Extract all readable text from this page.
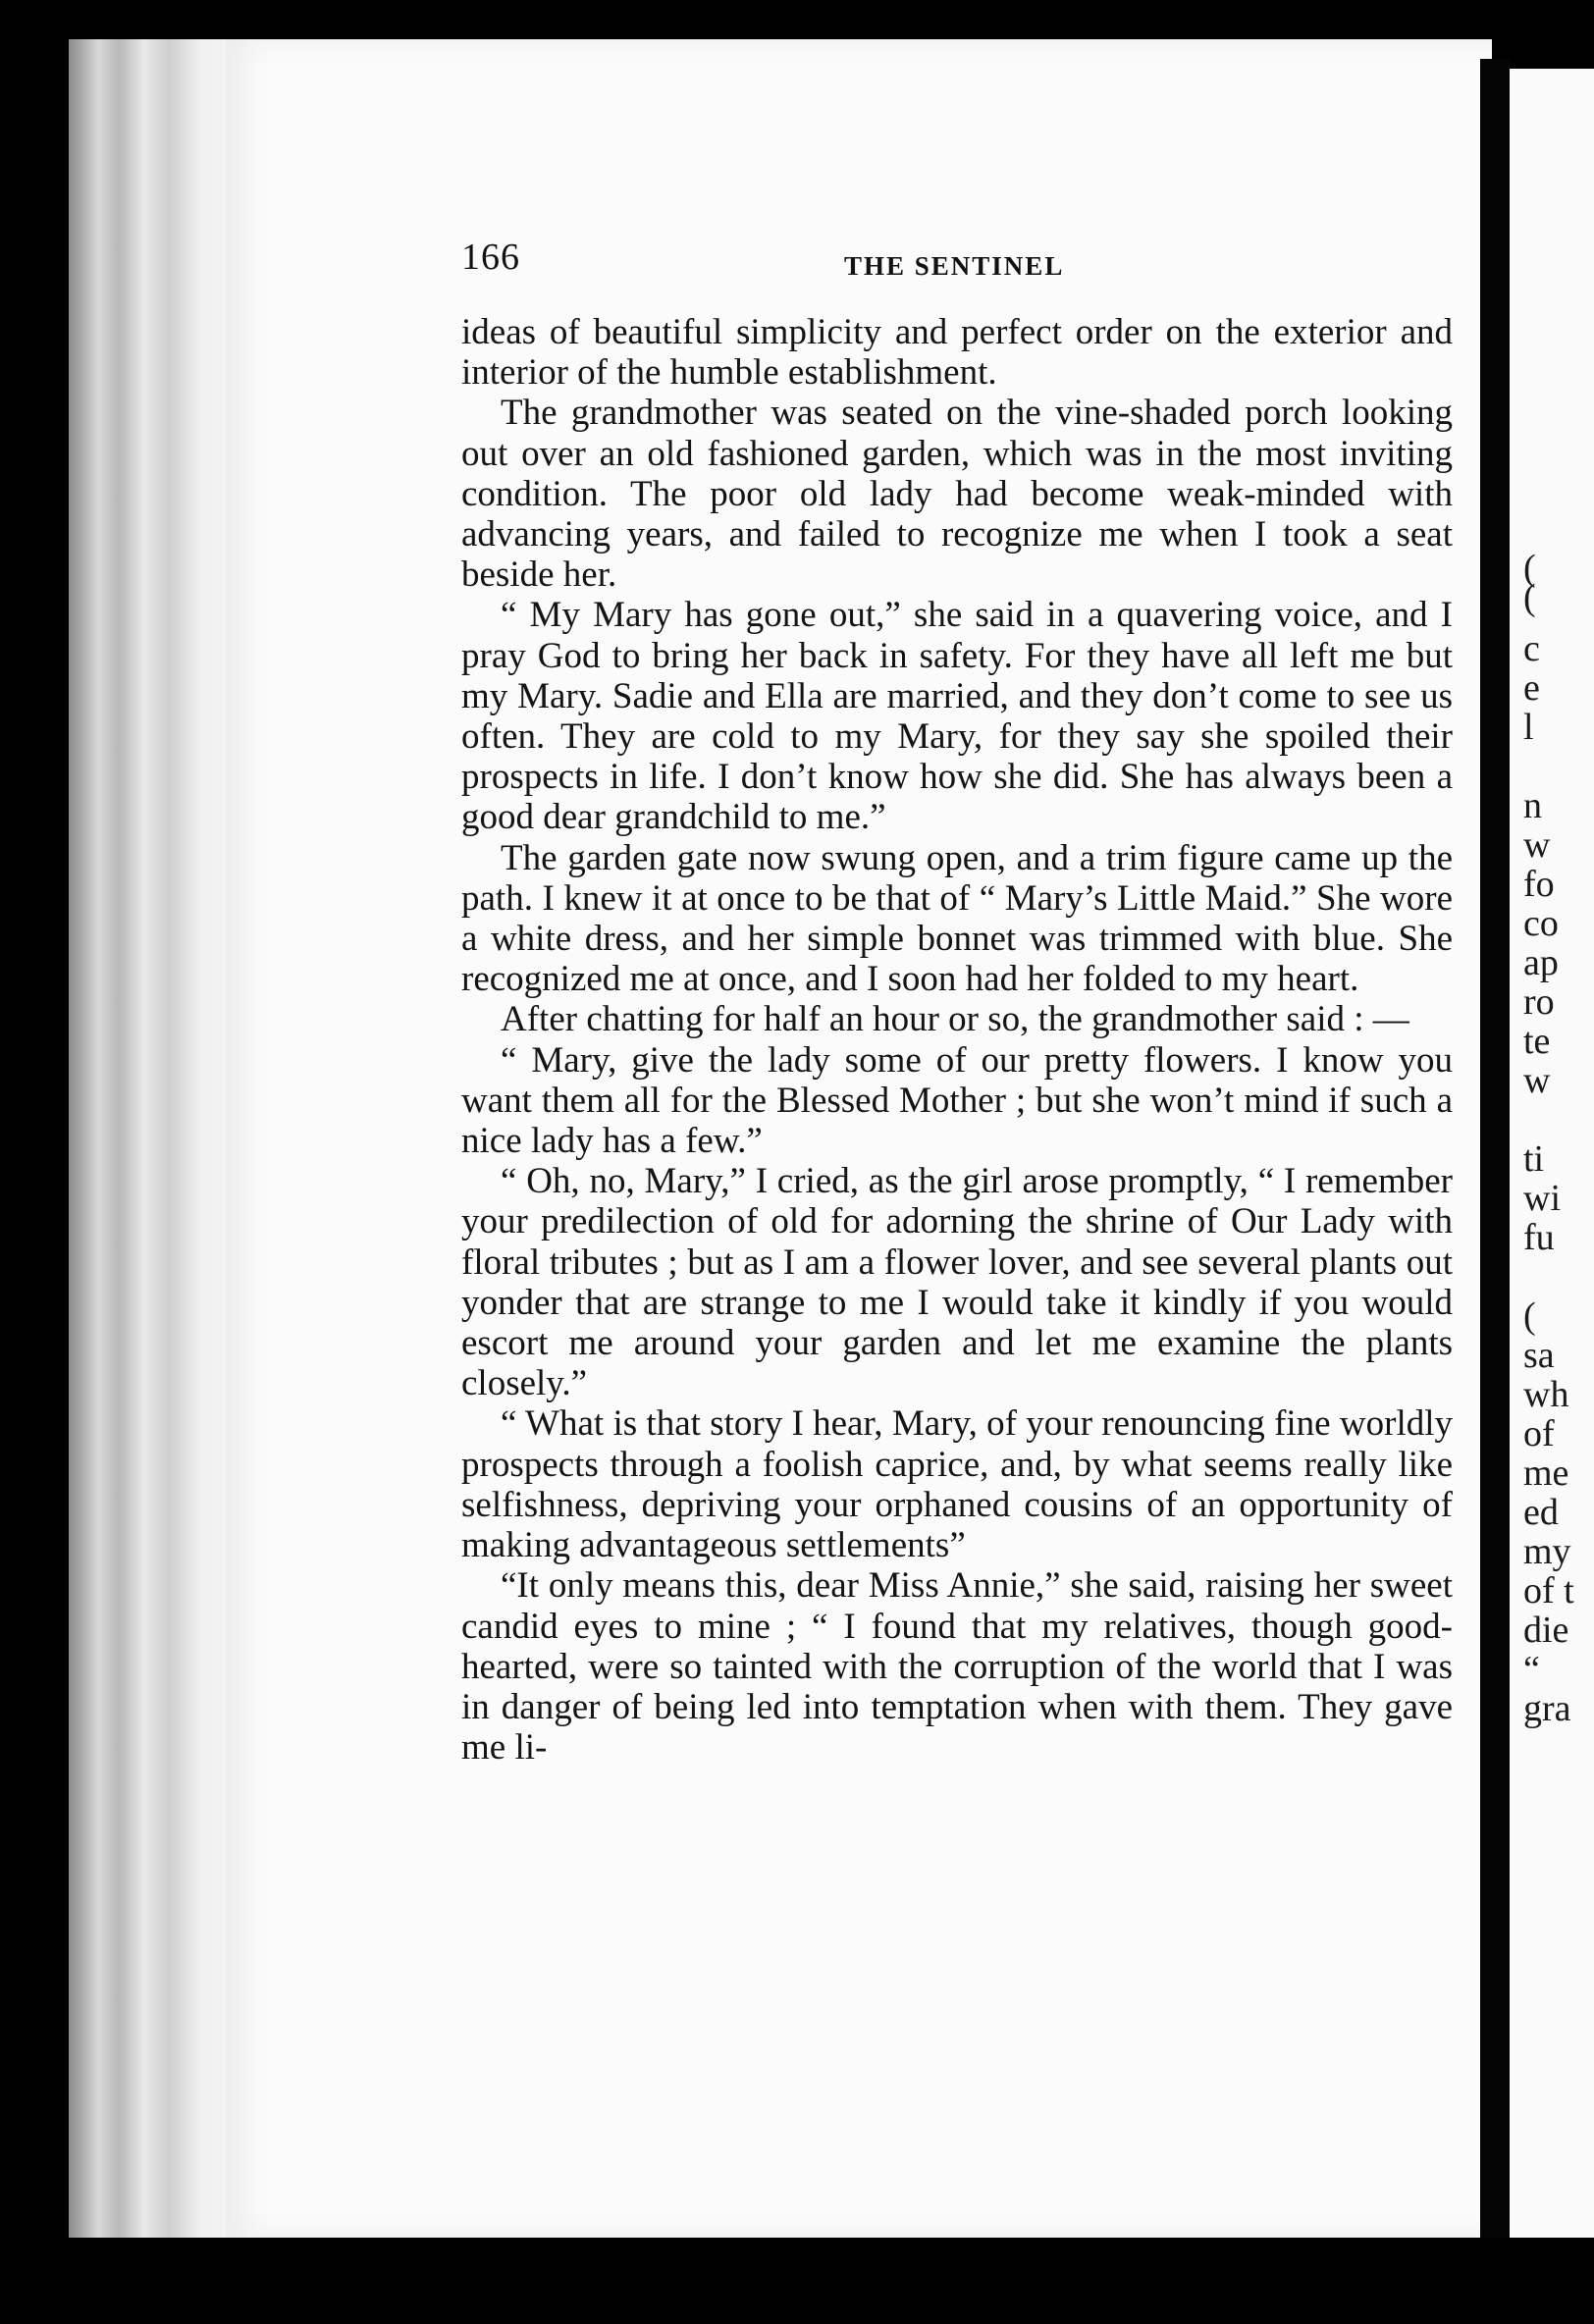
(
(
c
e
l
n
w
fo
co
ap
ro
te
w
ti
wi
fu
(
sa
wh
of
me
ed
my
of t
die
“
gra
166	THE SENTINEL

ideas of beautiful simplicity and perfect order on the exterior and interior of the humble establishment.

The grandmother was seated on the vine-shaded porch looking out over an old fashioned garden, which was in the most inviting condition. The poor old lady had become weak-minded with advancing years, and failed to recognize me when I took a seat beside her.

“ My Mary has gone out,” she said in a quavering voice, and I pray God to bring her back in safety. For they have all left me but my Mary. Sadie and Ella are married, and they don’t come to see us often. They are cold to my Mary, for they say she spoiled their prospects in life. I don’t know how she did. She has always been a good dear grandchild to me.”

The garden gate now swung open, and a trim figure came up the path. I knew it at once to be that of “ Mary’s Little Maid.” She wore a white dress, and her simple bonnet was trimmed with blue. She recognized me at once, and I soon had her folded to my heart.

After chatting for half an hour or so, the grandmother said : —

“ Mary, give the lady some of our pretty flowers. I know you want them all for the Blessed Mother ; but she won’t mind if such a nice lady has a few.”

“ Oh, no, Mary,” I cried, as the girl arose promptly, “ I remember your predilection of old for adorning the shrine of Our Lady with floral tributes ; but as I am a flower lover, and see several plants out yonder that are strange to me I would take it kindly if you would escort me around your garden and let me examine the plants closely.”

“ What is that story I hear, Mary, of your renouncing fine worldly prospects through a foolish caprice, and, by what seems really like selfishness, depriving your orphaned cousins of an opportunity of making advantageous settlements”

“It only means this, dear Miss Annie,” she said, raising her sweet candid eyes to mine ; “ I found that my relatives, though good-hearted, were so tainted with the corruption of the world that I was in danger of being led into temptation when with them. They gave me li-
